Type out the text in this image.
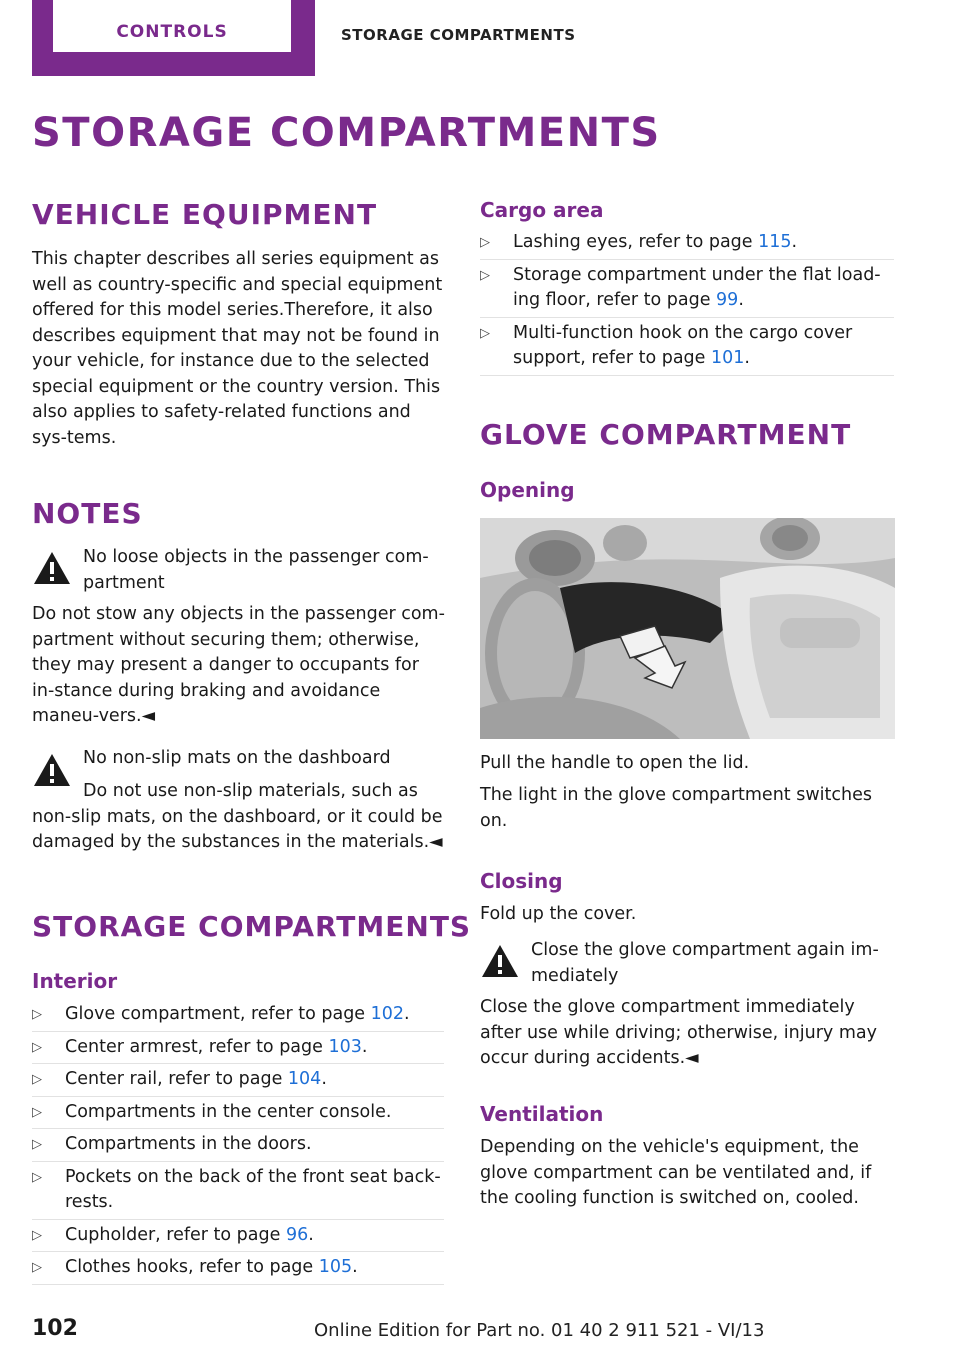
CONTROLS	STORAGE COMPARTMENTS
STORAGE COMPARTMENTS
VEHICLE EQUIPMENT

This chapter describes all series equipment as well as country-specific and special equipment offered for this model series.Therefore, it also describes equipment that may not be found in your vehicle, for instance due to the selected special equipment or the country version. This also applies to safety-related functions and sys-tems.

NOTES

No loose objects in the passenger com-partment

Do not stow any objects in the passenger com-partment without securing them; otherwise, they may present a danger to occupants for in-stance during braking and avoidance maneu-vers.◄

No non-slip mats on the dashboard

Do not use non-slip materials, such as non-slip mats, on the dashboard, or it could be damaged by the substances in the materials.◄

STORAGE COMPARTMENTS
Interior
▷ Glove compartment, refer to page 102.
▷ Center armrest, refer to page 103.
▷ Center rail, refer to page 104.
▷ Compartments in the center console.
▷ Compartments in the doors.
▷ Pockets on the back of the front seat back-rests.
▷ Cupholder, refer to page 96.
▷ Clothes hooks, refer to page 105.
Cargo area
▷ Lashing eyes, refer to page 115.
▷ Storage compartment under the flat load-ing floor, refer to page 99.
▷ Multi-function hook on the cargo cover support, refer to page 101.
GLOVE COMPARTMENT
Opening

Pull the handle to open the lid.

The light in the glove compartment switches on.

Closing

Fold up the cover.

Close the glove compartment again im-mediately

Close the glove compartment immediately after use while driving; otherwise, injury may occur during accidents.◄

Ventilation

Depending on the vehicle's equipment, the glove compartment can be ventilated and, if the cooling function is switched on, cooled.

102	Online Edition for Part no. 01 40 2 911 521 - VI/13
